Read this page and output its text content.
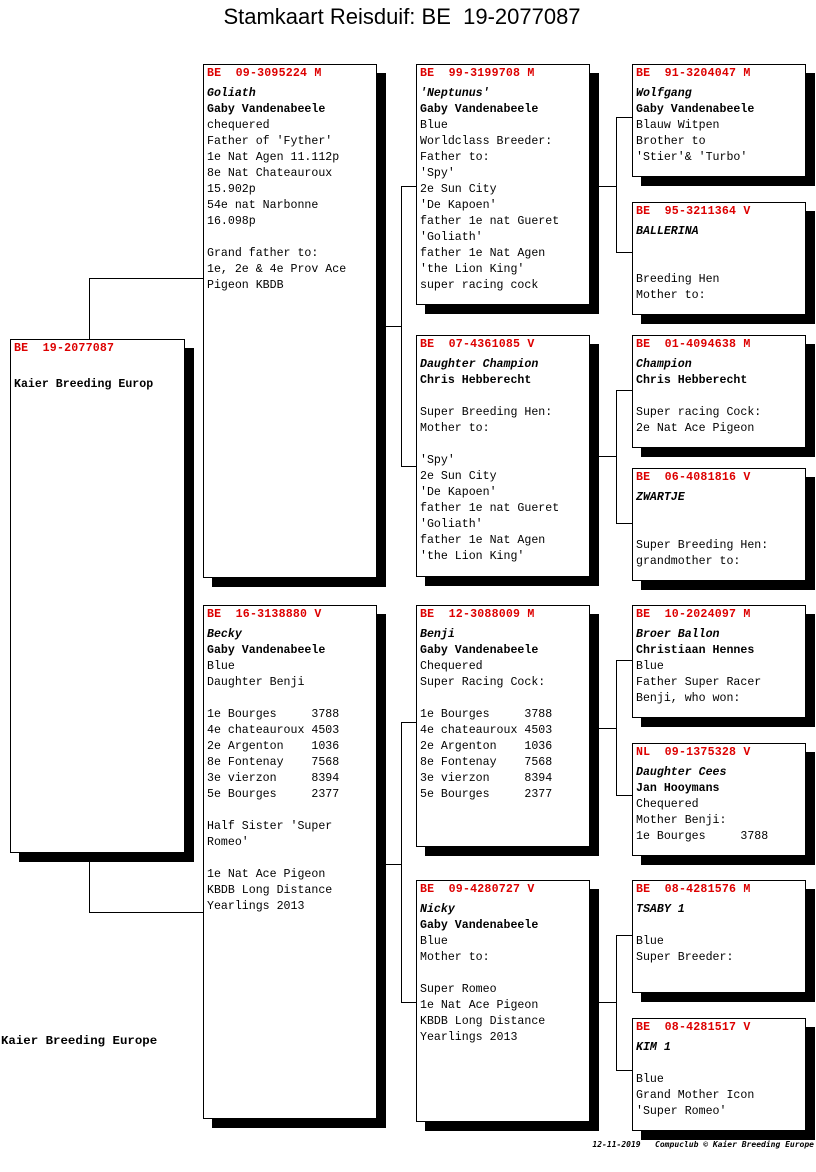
Stamkaart Reisduif: BE  19-2077087
BE  19-2077087
Kaier Breeding Europ
BE  09-3095224 M
Goliath
Gaby Vandenabeele
chequered
Father of 'Fyther'
1e Nat Agen 11.112p
8e Nat Chateauroux
15.902p
54e nat Narbonne
16.098p
Grand father to:
1e, 2e & 4e Prov Ace
Pigeon KBDB
BE  16-3138880 V
Becky
Gaby Vandenabeele
Blue
Daughter Benji
1e Bourges     3788
4e chateauroux 4503
2e Argenton    1036
8e Fontenay    7568
3e vierzon     8394
5e Bourges     2377
Half Sister 'Super
Romeo'
1e Nat Ace Pigeon
KBDB Long Distance
Yearlings 2013
BE  99-3199708 M
'Neptunus'
Gaby Vandenabeele
Blue
Worldclass Breeder:
Father to:
'Spy'
2e Sun City
'De Kapoen'
father 1e nat Gueret
'Goliath'
father 1e Nat Agen
'the Lion King'
super racing cock
BE  07-4361085 V
Daughter Champion
Chris Hebberecht
Super Breeding Hen:
Mother to:
'Spy'
2e Sun City
'De Kapoen'
father 1e nat Gueret
'Goliath'
father 1e Nat Agen
'the Lion King'
BE  12-3088009 M
Benji
Gaby Vandenabeele
Chequered
Super Racing Cock:
1e Bourges     3788
4e chateauroux 4503
2e Argenton    1036
8e Fontenay    7568
3e vierzon     8394
5e Bourges     2377
BE  09-4280727 V
Nicky
Gaby Vandenabeele
Blue
Mother to:
Super Romeo
1e Nat Ace Pigeon
KBDB Long Distance
Yearlings 2013
BE  91-3204047 M
Wolfgang
Gaby Vandenabeele
Blauw Witpen
Brother to
'Stier'& 'Turbo'
BE  95-3211364 V
BALLERINA
Breeding Hen
Mother to:
BE  01-4094638 M
Champion
Chris Hebberecht
Super racing Cock:
2e Nat Ace Pigeon
BE  06-4081816 V
ZWARTJE
Super Breeding Hen:
grandmother to:
BE  10-2024097 M
Broer Ballon
Christiaan Hennes
Blue
Father Super Racer
Benji, who won:
NL  09-1375328 V
Daughter Cees
Jan Hooymans
Chequered
Mother Benji:
1e Bourges     3788
BE  08-4281576 M
TSABY 1
Blue
Super Breeder:
BE  08-4281517 V
KIM 1
Blue
Grand Mother Icon
'Super Romeo'
Kaier Breeding Europe
12-11-2019 Compuclub © Kaier Breeding Europe
